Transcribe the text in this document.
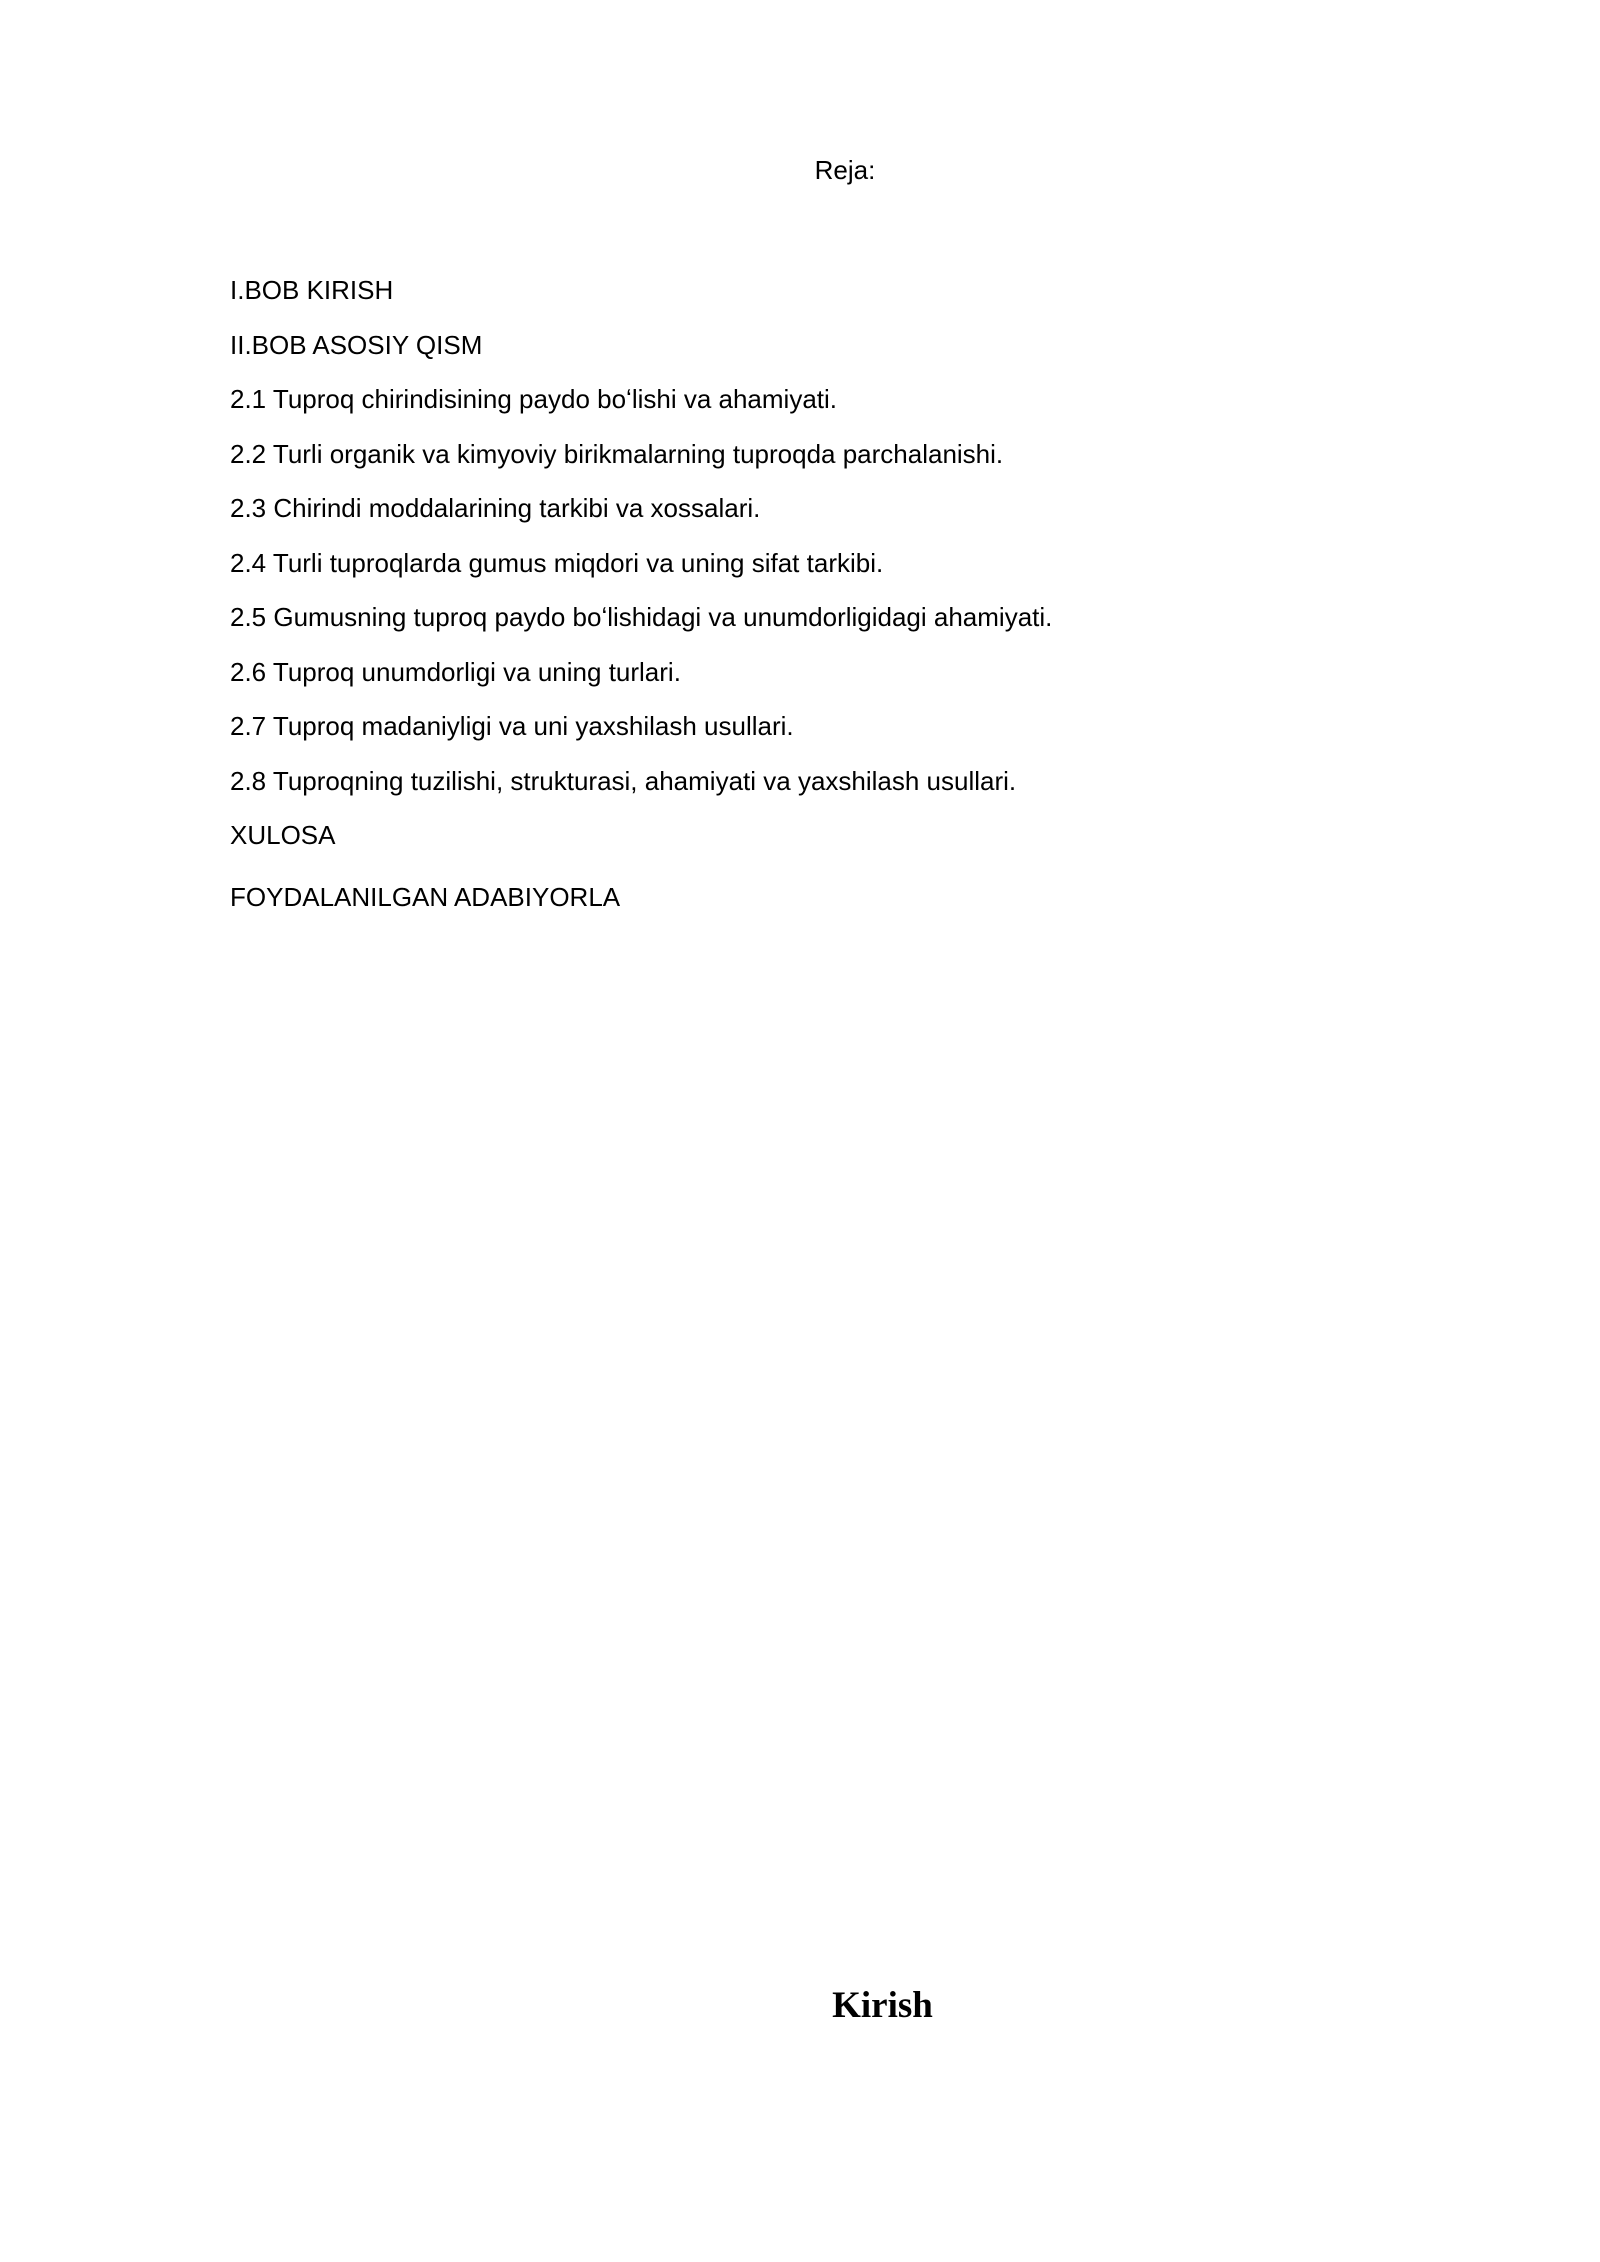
Reja:
I.BOB KIRISH
II.BOB ASOSIY QISM
2.1 Tuproq chirindisining paydo boʻlishi va ahamiyati.
2.2 Turli organik va kimyoviy birikmalarning tuproqda parchalanishi.
2.3 Chirindi moddalarining tarkibi va xossalari.
2.4 Turli tuproqlarda gumus miqdori va uning sifat tarkibi.
2.5 Gumusning tuproq paydo boʻlishidagi va unumdorligidagi ahamiyati.
2.6 Tuproq unumdorligi va uning turlari.
2.7 Tuproq madaniyligi va uni yaxshilash usullari.
2.8 Tuproqning tuzilishi, strukturasi, ahamiyati va yaxshilash usullari.
XULOSA
FOYDALANILGAN ADABIYORLA
Kirish
